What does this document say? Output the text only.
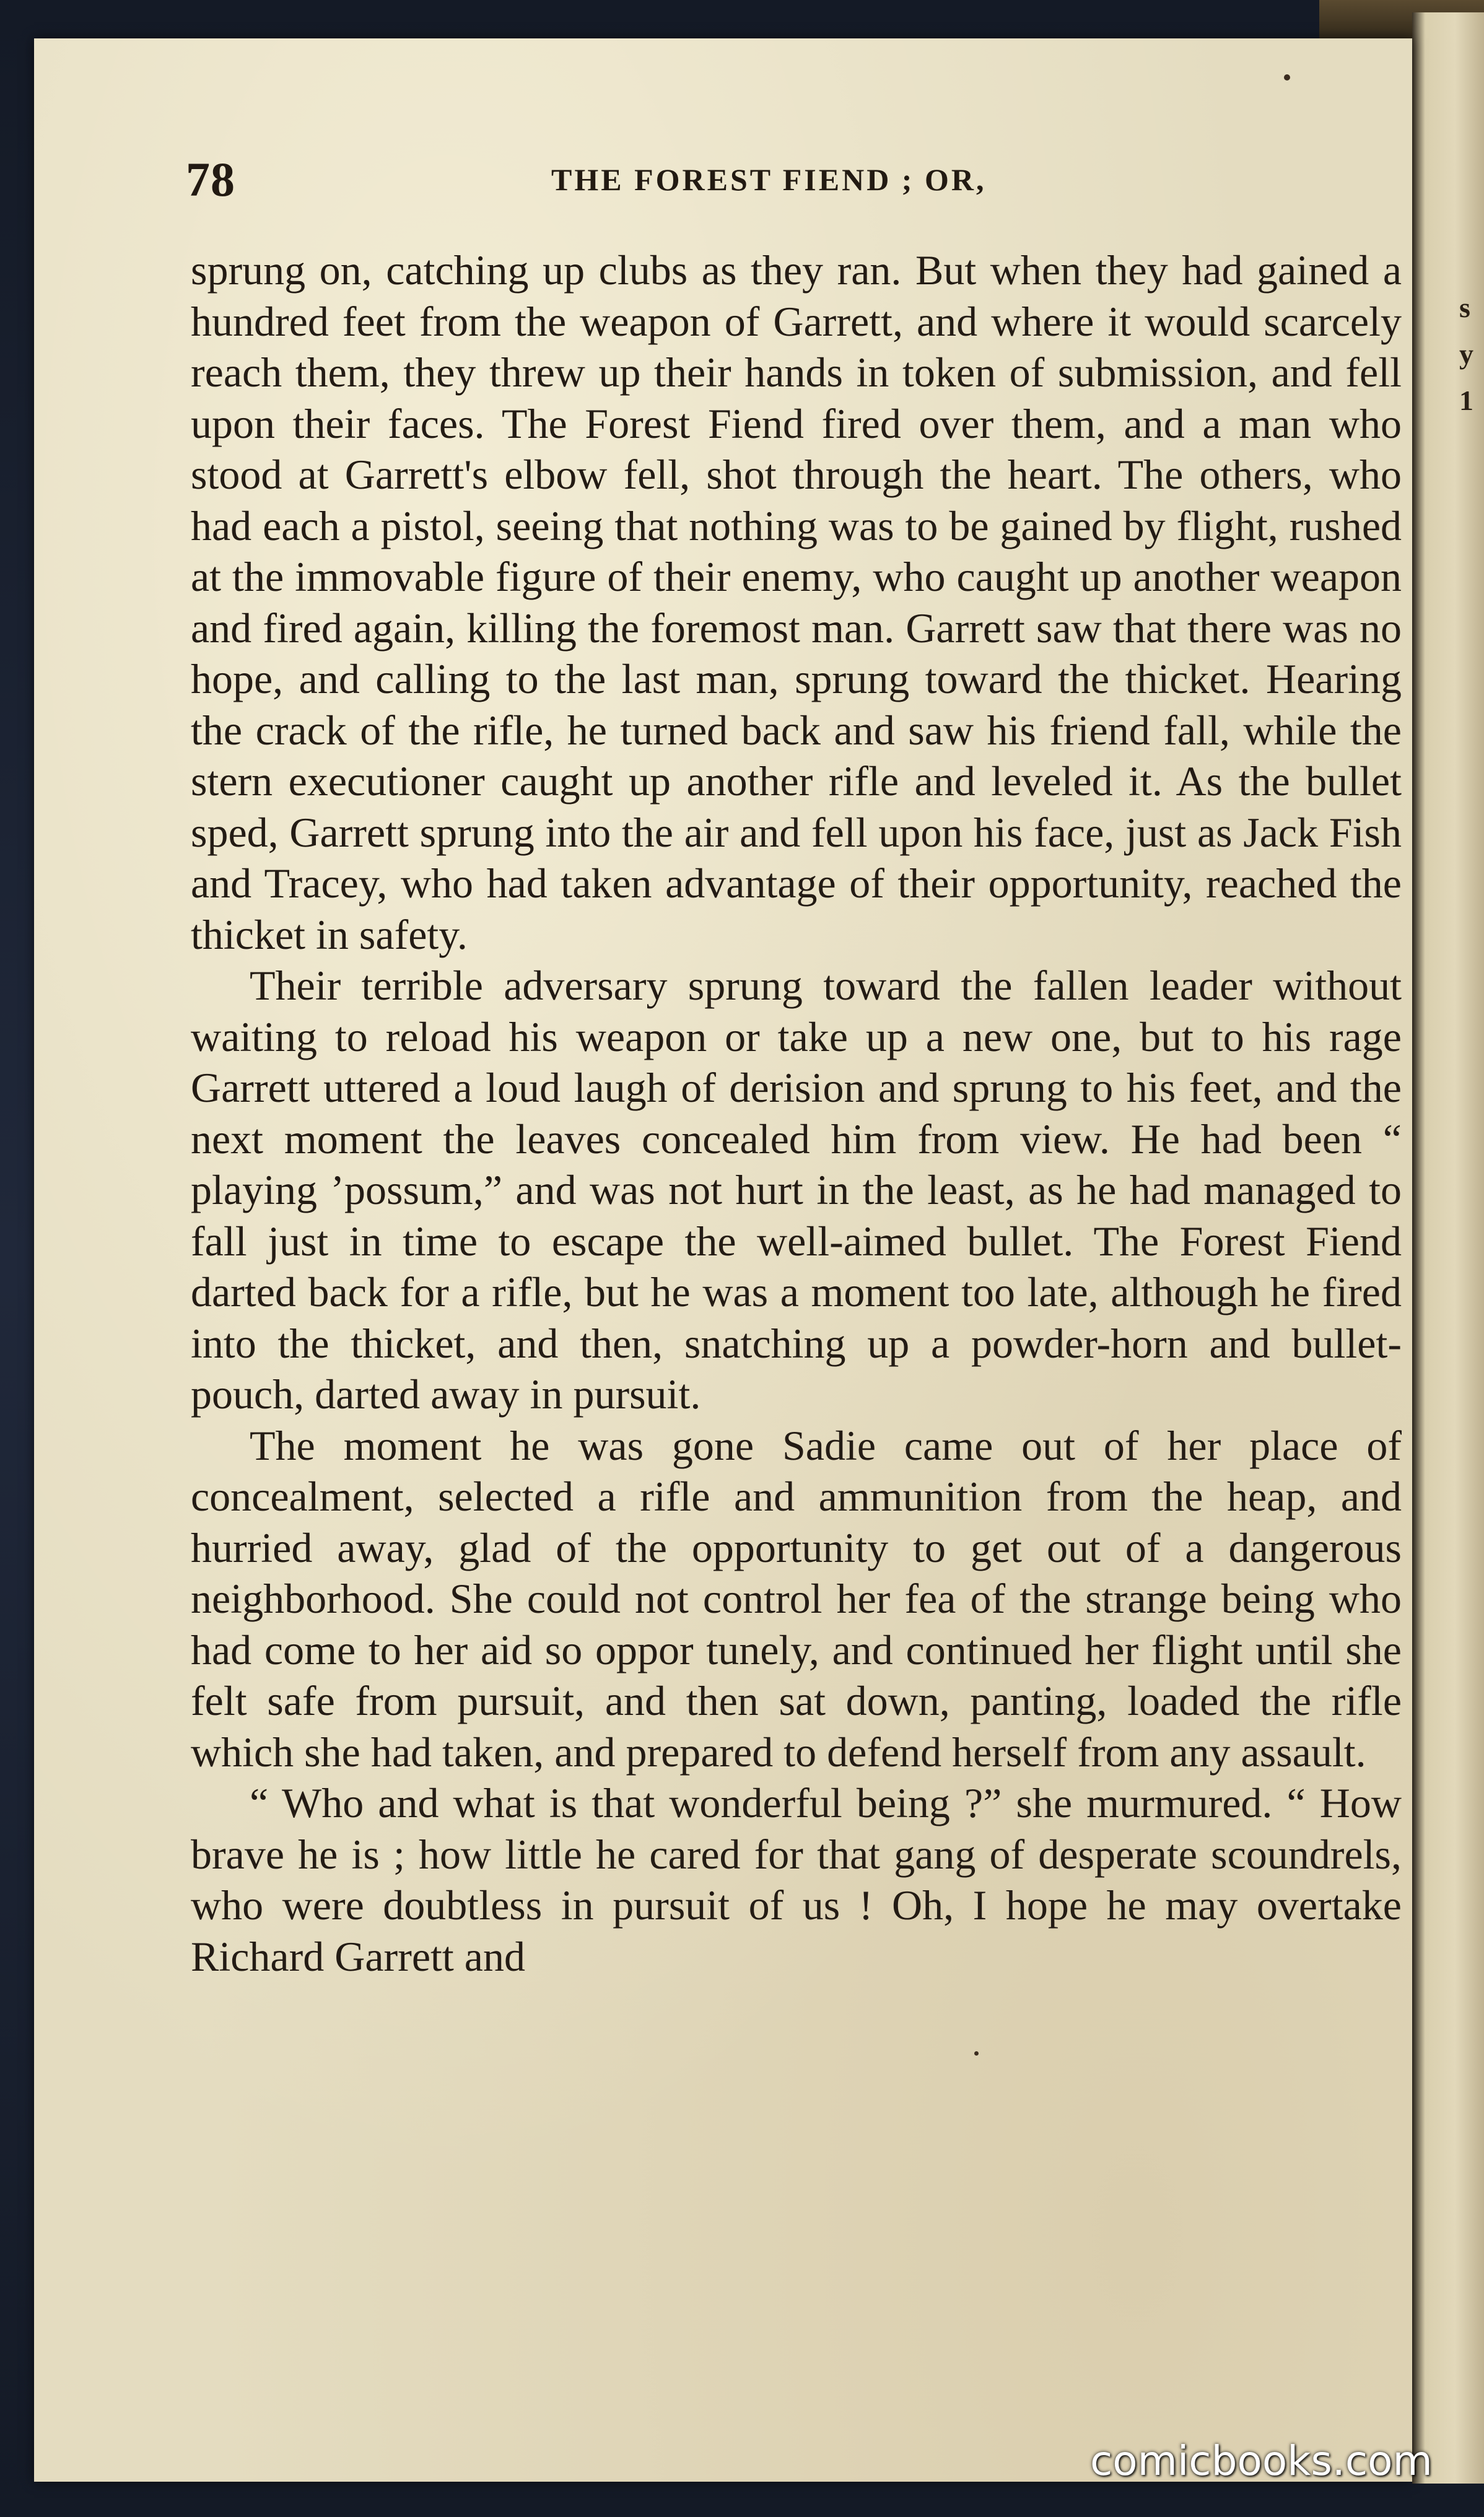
s
y
1
78	THE FOREST FIEND ; OR,

sprung on, catching up clubs as they ran. But when they had gained a hundred feet from the weapon of Garrett, and where it would scarcely reach them, they threw up their hands in token of submission, and fell upon their faces. The Forest Fiend fired over them, and a man who stood at Garrett's elbow fell, shot through the heart. The others, who had each a pistol, seeing that nothing was to be gained by flight, rushed at the immovable figure of their enemy, who caught up another weapon and fired again, killing the foremost man. Garrett saw that there was no hope, and calling to the last man, sprung toward the thicket. Hearing the crack of the rifle, he turned back and saw his friend fall, while the stern executioner caught up another rifle and leveled it. As the bullet sped, Garrett sprung into the air and fell upon his face, just as Jack Fish and Tracey, who had taken advantage of their opportunity, reached the thicket in safety.

Their terrible adversary sprung toward the fallen leader without waiting to reload his weapon or take up a new one, but to his rage Garrett uttered a loud laugh of derision and sprung to his feet, and the next moment the leaves concealed him from view. He had been “ playing ’possum,” and was not hurt in the least, as he had managed to fall just in time to escape the well-aimed bullet. The Forest Fiend darted back for a rifle, but he was a moment too late, although he fired into the thicket, and then, snatching up a powder-horn and bullet-pouch, darted away in pursuit.

The moment he was gone Sadie came out of her place of concealment, selected a rifle and ammunition from the heap, and hurried away, glad of the opportunity to get out of a dangerous neighborhood. She could not control her fea of the strange being who had come to her aid so oppor tunely, and continued her flight until she felt safe from pursuit, and then sat down, panting, loaded the rifle which she had taken, and prepared to defend herself from any assault.

“ Who and what is that wonderful being ?” she murmured. “ How brave he is ; how little he cared for that gang of desperate scoundrels, who were doubtless in pursuit of us ! Oh, I hope he may overtake Richard Garrett and

comicbooks.com
